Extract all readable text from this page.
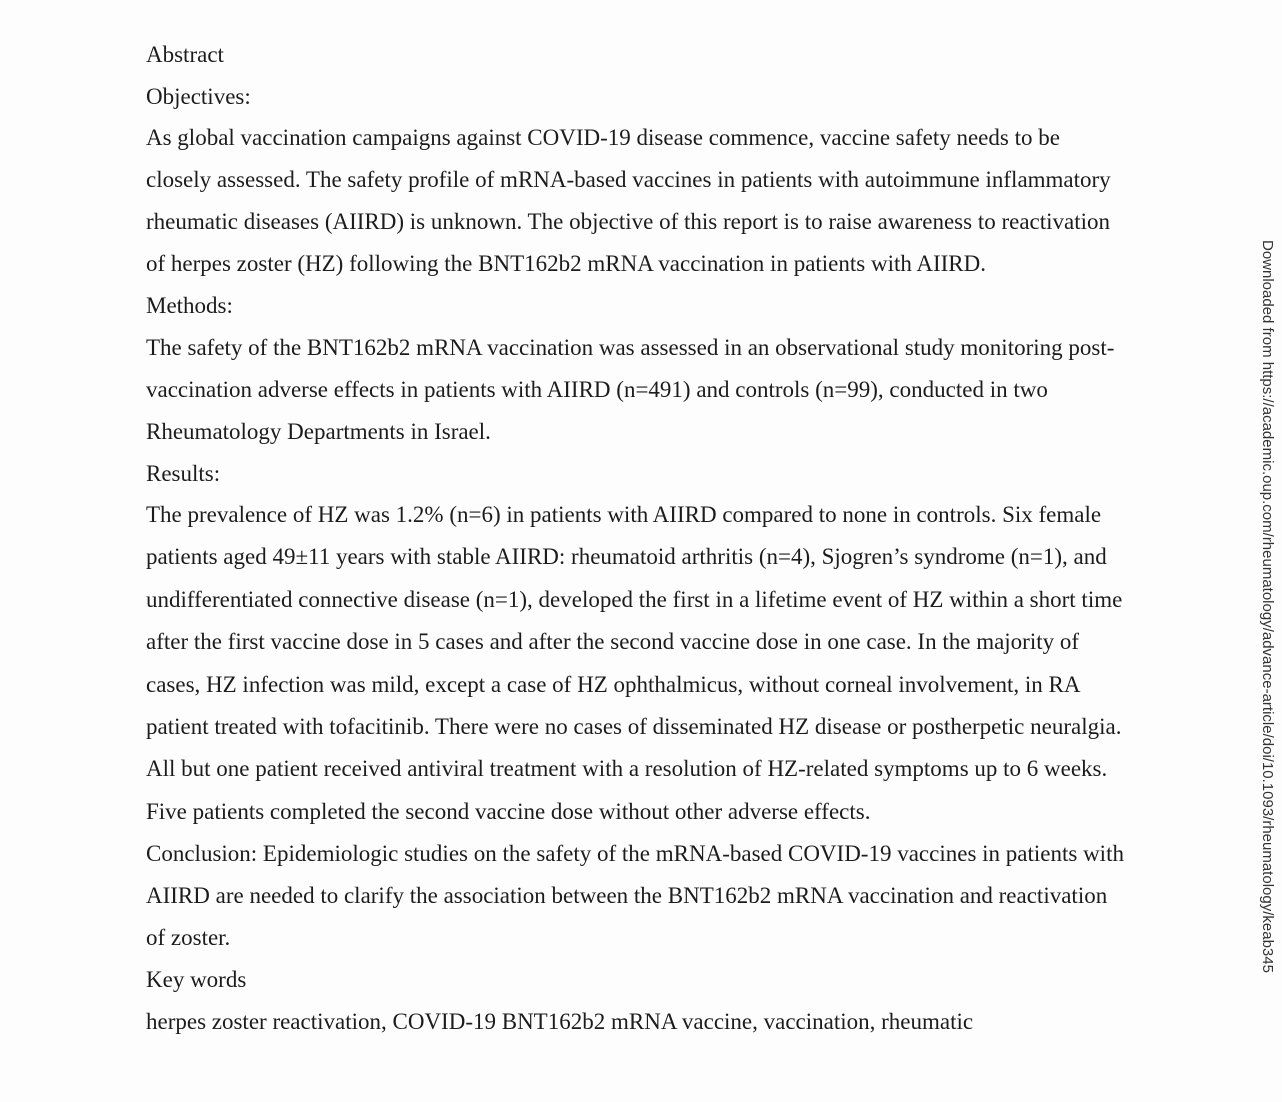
Abstract
Objectives:
As global vaccination campaigns against COVID-19 disease commence, vaccine safety needs to be closely assessed. The safety profile of mRNA-based vaccines in patients with autoimmune inflammatory rheumatic diseases (AIIRD) is unknown. The objective of this report is to raise awareness to reactivation of herpes zoster (HZ) following the BNT162b2 mRNA vaccination in patients with AIIRD.
Methods:
The safety of the BNT162b2 mRNA vaccination was assessed in an observational study monitoring post-vaccination adverse effects in patients with AIIRD (n=491) and controls (n=99), conducted in two Rheumatology Departments in Israel.
Results:
The prevalence of HZ was 1.2% (n=6) in patients with AIIRD compared to none in controls. Six female patients aged 49±11 years with stable AIIRD: rheumatoid arthritis (n=4), Sjogren’s syndrome (n=1), and undifferentiated connective disease (n=1), developed the first in a lifetime event of HZ within a short time after the first vaccine dose in 5 cases and after the second vaccine dose in one case. In the majority of cases, HZ infection was mild, except a case of HZ ophthalmicus, without corneal involvement, in RA patient treated with tofacitinib. There were no cases of disseminated HZ disease or postherpetic neuralgia. All but one patient received antiviral treatment with a resolution of HZ-related symptoms up to 6 weeks. Five patients completed the second vaccine dose without other adverse effects.
Conclusion: Epidemiologic studies on the safety of the mRNA-based COVID-19 vaccines in patients with AIIRD are needed to clarify the association between the BNT162b2 mRNA vaccination and reactivation of zoster.
Key words
herpes zoster reactivation, COVID-19 BNT162b2 mRNA vaccine, vaccination, rheumatic
Downloaded from https://academic.oup.com/rheumatology/advance-article/doi/10.1093/rheumatology/keab345
